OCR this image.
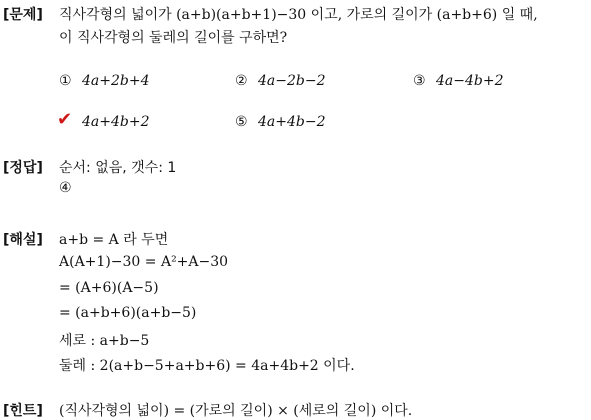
[문제] 직사각형의 넓이가 (a+b)(a+b+1)−30 이고, 가로의 길이가 (a+b+6) 일 때,
이 직사각형의 둘레의 길이를 구하면?
① 4a+2b+4	② 4a−2b−2	③ 4a−4b+2
✔ 4a+4b+2	⑤ 4a+4b−2
[정답] 순서: 없음, 갯수: 1
④
[해설] a+b = A 라 두면
A(A+1)−30 = A²+A−30
= (A+6)(A−5)
= (a+b+6)(a+b−5)
세로 : a+b−5
둘레 : 2(a+b−5+a+b+6) = 4a+4b+2 이다.
[힌트] (직사각형의 넓이) = (가로의 길이) × (세로의 길이) 이다.
